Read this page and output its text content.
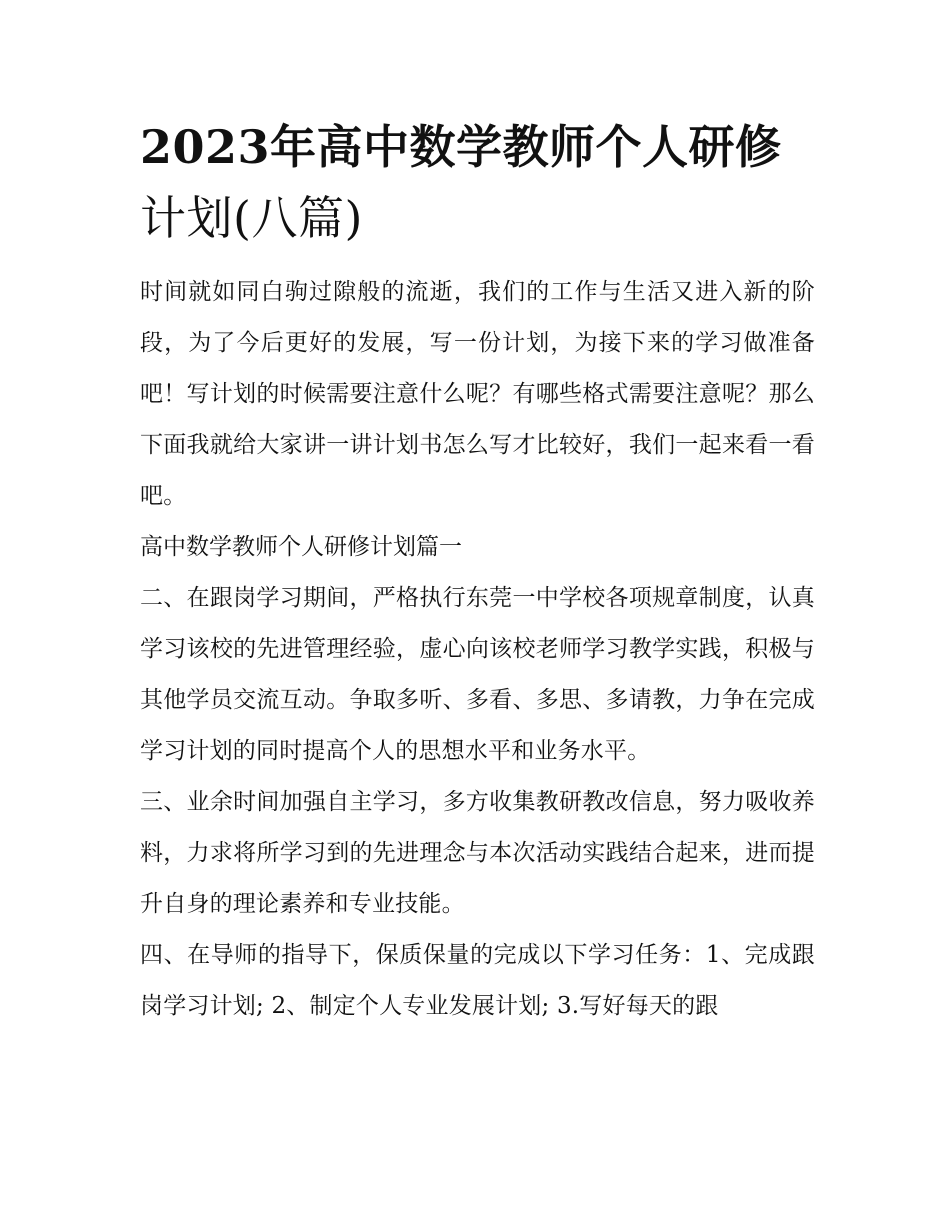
2023年高中数学教师个人研修
计划(八篇)

时间就如同白驹过隙般的流逝，我们的工作与生活又进入新的阶段，为了今后更好的发展，写一份计划，为接下来的学习做准备吧！写计划的时候需要注意什么呢？有哪些格式需要注意呢？那么下面我就给大家讲一讲计划书怎么写才比较好，我们一起来看一看吧。

高中数学教师个人研修计划篇一

二、在跟岗学习期间，严格执行东莞一中学校各项规章制度，认真学习该校的先进管理经验，虚心向该校老师学习教学实践，积极与其他学员交流互动。争取多听、多看、多思、多请教，力争在完成学习计划的同时提高个人的思想水平和业务水平。

三、业余时间加强自主学习，多方收集教研教改信息，努力吸收养料，力求将所学习到的先进理念与本次活动实践结合起来，进而提升自身的理论素养和专业技能。

四、在导师的指导下，保质保量的完成以下学习任务：1、完成跟岗学习计划; 2、制定个人专业发展计划; 3.写好每天的跟
